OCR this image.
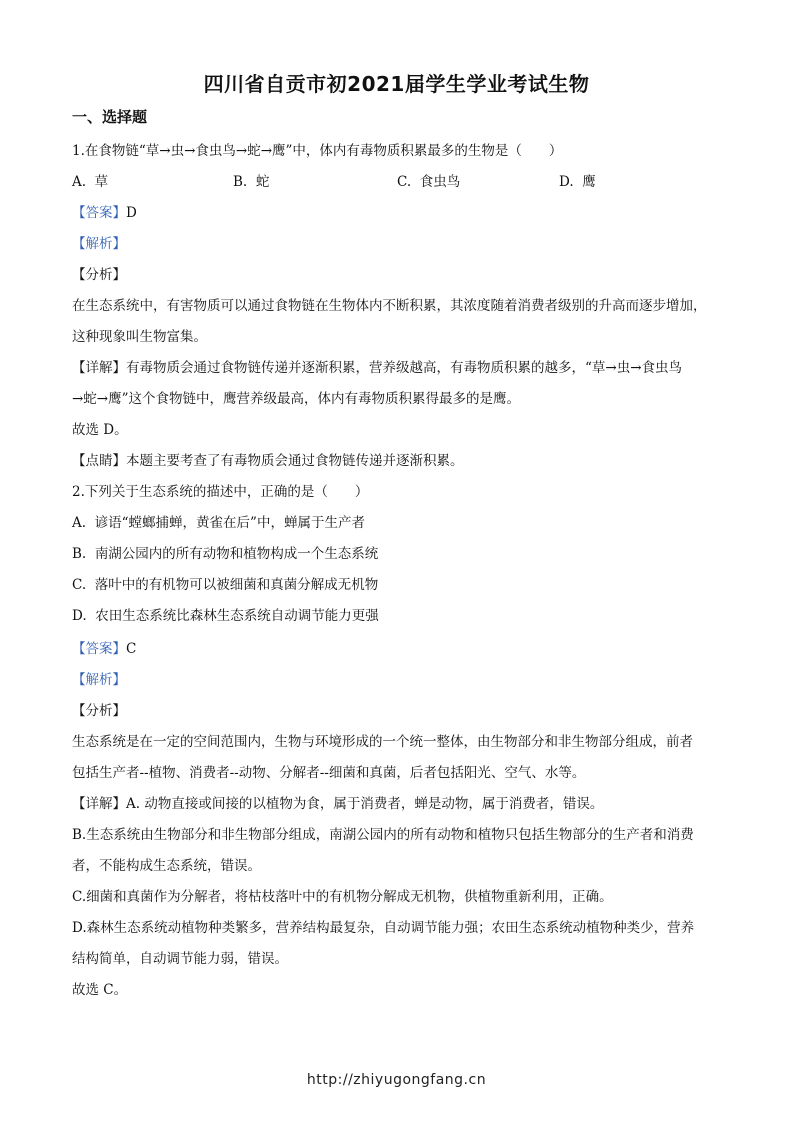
四川省自贡市初2021届学生学业考试生物
一、选择题
1.在食物链“草→虫→食虫鸟→蛇→鹰”中，体内有毒物质积累最多的生物是（　　）
A. 草	B. 蛇	C. 食虫鸟	D. 鹰
【答案】D
【解析】
【分析】
在生态系统中，有害物质可以通过食物链在生物体内不断积累，其浓度随着消费者级别的升高而逐步增加，
这种现象叫生物富集。
【详解】有毒物质会通过食物链传递并逐渐积累，营养级越高，有毒物质积累的越多，“草→虫→食虫鸟
→蛇→鹰”这个食物链中，鹰营养级最高，体内有毒物质积累得最多的是鹰。
故选 D。
【点睛】本题主要考查了有毒物质会通过食物链传递并逐渐积累。
2.下列关于生态系统的描述中，正确的是（　　）
A. 谚语“螳螂捕蝉，黄雀在后”中，蝉属于生产者
B. 南湖公园内的所有动物和植物构成一个生态系统
C. 落叶中的有机物可以被细菌和真菌分解成无机物
D. 农田生态系统比森林生态系统自动调节能力更强
【答案】C
【解析】
【分析】
生态系统是在一定的空间范围内，生物与环境形成的一个统一整体，由生物部分和非生物部分组成，前者
包括生产者--植物、消费者--动物、分解者--细菌和真菌，后者包括阳光、空气、水等。
【详解】A. 动物直接或间接的以植物为食，属于消费者，蝉是动物，属于消费者，错误。
B.生态系统由生物部分和非生物部分组成，南湖公园内的所有动物和植物只包括生物部分的生产者和消费
者，不能构成生态系统，错误。
C.细菌和真菌作为分解者，将枯枝落叶中的有机物分解成无机物，供植物重新利用，正确。
D.森林生态系统动植物种类繁多，营养结构最复杂，自动调节能力强；农田生态系统动植物种类少，营养
结构简单，自动调节能力弱，错误。
故选 C。
http://zhiyugongfang.cn
